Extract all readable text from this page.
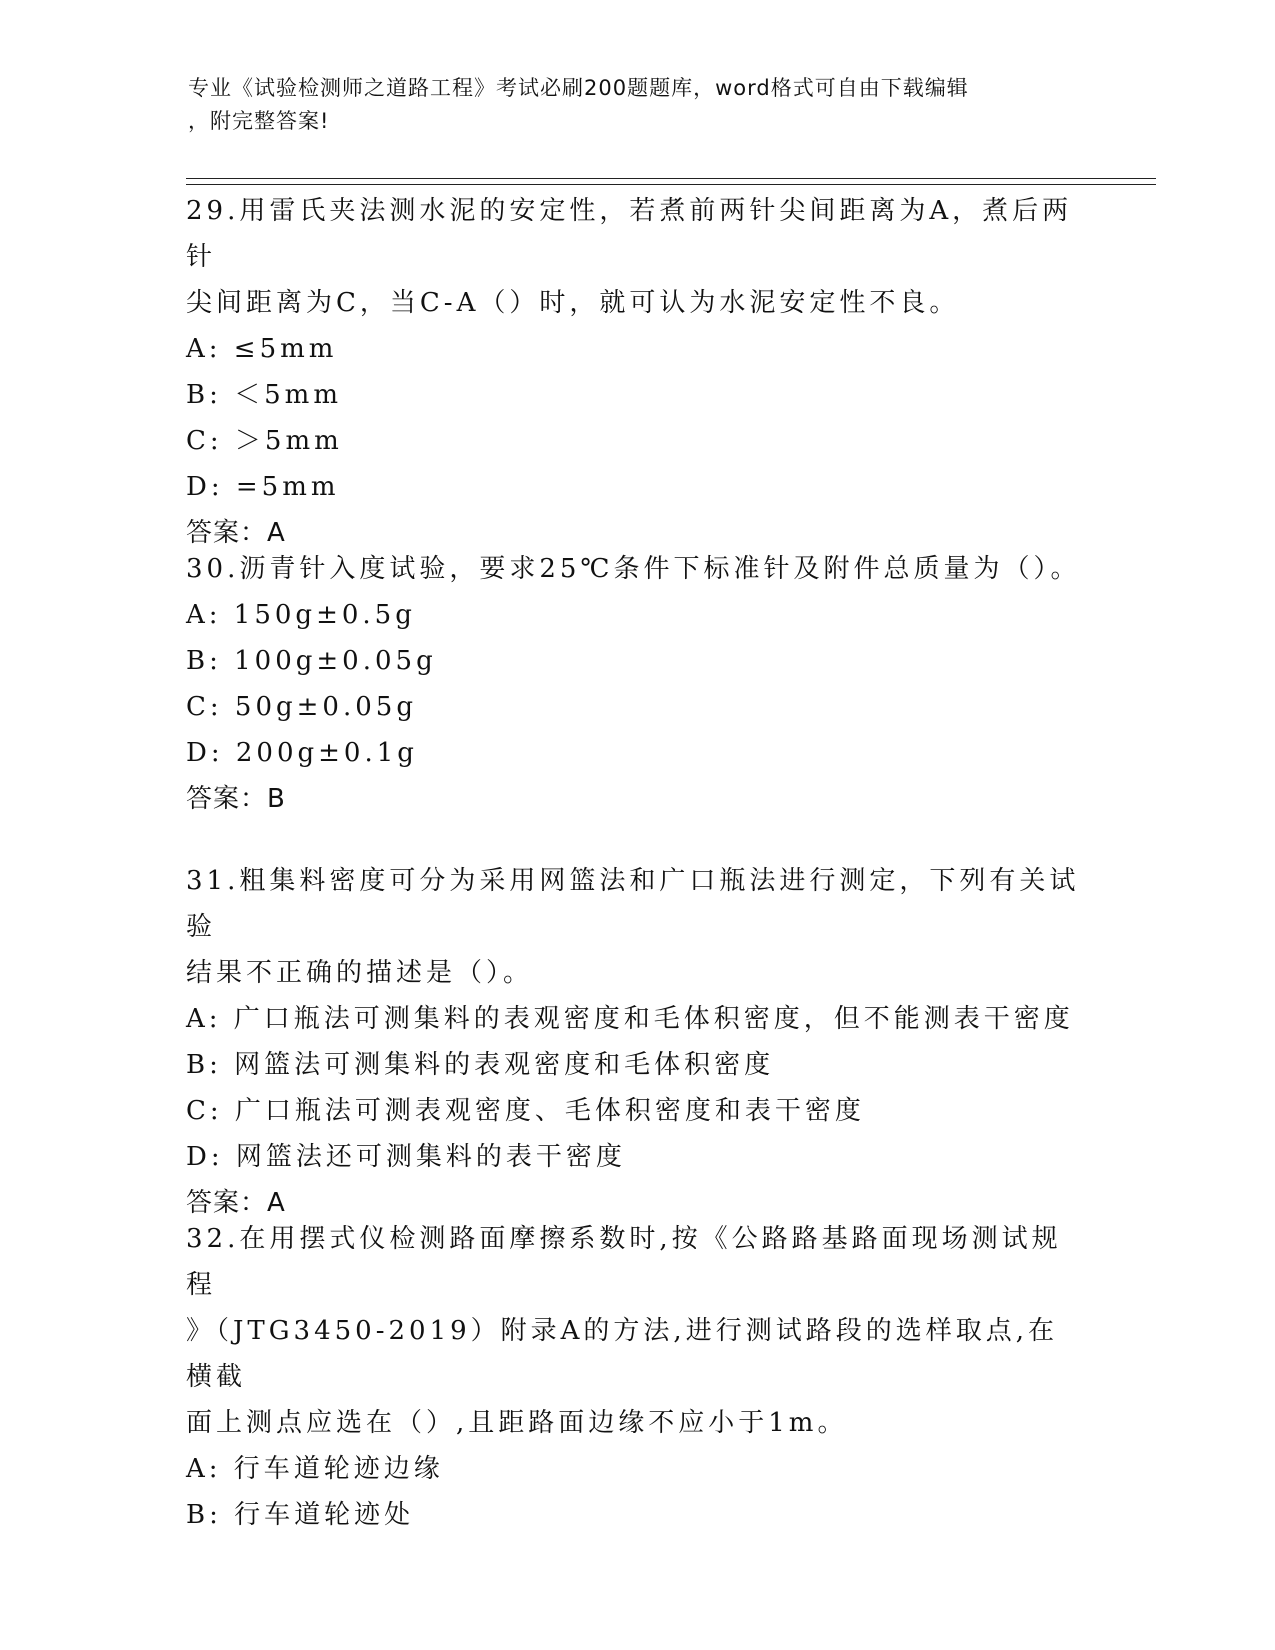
专业《试验检测师之道路工程》考试必刷200题题库，word格式可自由下载编辑
，附完整答案!
29.用雷氏夹法测水泥的安定性，若煮前两针尖间距离为A，煮后两针
尖间距离为C，当C-A（）时，就可认为水泥安定性不良。
A: ≤5mm
B: ＜5mm
C: ＞5mm
D: =5mm
答案：A
30.沥青针入度试验，要求25℃条件下标准针及附件总质量为（）。
A: 150g±0.5g
B: 100g±0.05g
C: 50g±0.05g
D: 200g±0.1g
答案：B
31.粗集料密度可分为采用网篮法和广口瓶法进行测定，下列有关试验
结果不正确的描述是（）。
A: 广口瓶法可测集料的表观密度和毛体积密度，但不能测表干密度
B: 网篮法可测集料的表观密度和毛体积密度
C: 广口瓶法可测表观密度、毛体积密度和表干密度
D: 网篮法还可测集料的表干密度
答案：A
32.在用摆式仪检测路面摩擦系数时,按《公路路基路面现场测试规程
》（JTG3450-2019）附录A的方法,进行测试路段的选样取点,在横截
面上测点应选在（）,且距路面边缘不应小于1m。
A: 行车道轮迹边缘
B: 行车道轮迹处
